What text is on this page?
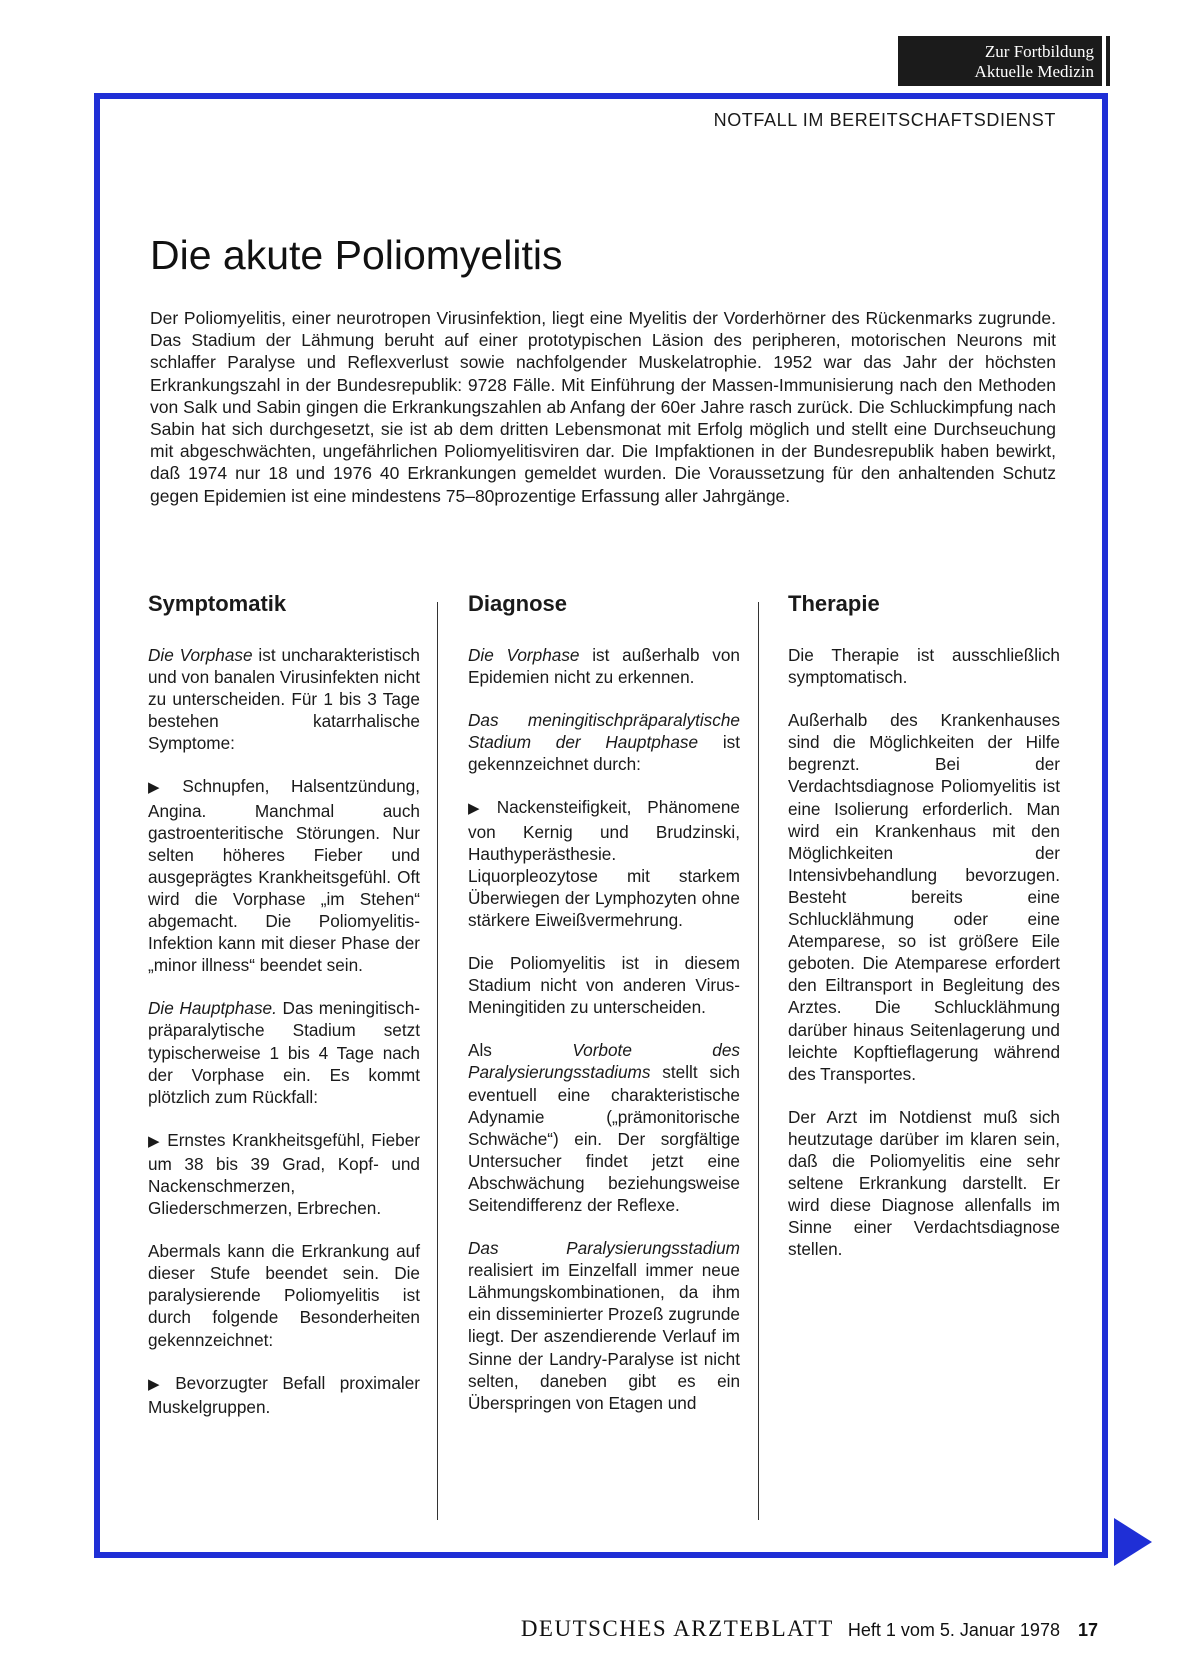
Zur Fortbildung
Aktuelle Medizin
NOTFALL IM BEREITSCHAFTSDIENST
Die akute Poliomyelitis

Der Poliomyelitis, einer neurotropen Virusinfektion, liegt eine Myelitis der Vorderhörner des Rückenmarks zugrunde. Das Stadium der Lähmung beruht auf einer prototypischen Läsion des peripheren, motorischen Neurons mit schlaffer Paralyse und Reflexverlust sowie nachfolgender Muskelatrophie. 1952 war das Jahr der höchsten Erkrankungszahl in der Bundesrepublik: 9728 Fälle. Mit Einführung der Massen-Immunisierung nach den Methoden von Salk und Sabin gingen die Erkrankungszahlen ab Anfang der 60er Jahre rasch zurück. Die Schluckimpfung nach Sabin hat sich durchgesetzt, sie ist ab dem dritten Lebensmonat mit Erfolg möglich und stellt eine Durchseuchung mit abgeschwächten, ungefährlichen Poliomyelitisviren dar. Die Impfaktionen in der Bundesrepublik haben bewirkt, daß 1974 nur 18 und 1976 40 Erkrankungen gemeldet wurden. Die Voraussetzung für den anhaltenden Schutz gegen Epidemien ist eine mindestens 75–80prozentige Erfassung aller Jahrgänge.

Symptomatik

Die Vorphase ist uncharakteristisch und von banalen Virusinfekten nicht zu unterscheiden. Für 1 bis 3 Tage bestehen katarrhalische Symptome:

▶ Schnupfen, Halsentzündung, Angina. Manchmal auch gastroenteritische Störungen. Nur selten höheres Fieber und ausgeprägtes Krankheitsgefühl. Oft wird die Vorphase „im Stehen“ abgemacht. Die Poliomyelitis-Infektion kann mit dieser Phase der „minor illness“ beendet sein.

Die Hauptphase. Das meningitisch-präparalytische Stadium setzt typischerweise 1 bis 4 Tage nach der Vorphase ein. Es kommt plötzlich zum Rückfall:

▶ Ernstes Krankheitsgefühl, Fieber um 38 bis 39 Grad, Kopf- und Nackenschmerzen, Gliederschmerzen, Erbrechen.

Abermals kann die Erkrankung auf dieser Stufe beendet sein. Die paralysierende Poliomyelitis ist durch folgende Besonderheiten gekennzeichnet:

▶ Bevorzugter Befall proximaler Muskelgruppen.

Diagnose

Die Vorphase ist außerhalb von Epidemien nicht zu erkennen.

Das meningitischpräparalytische Stadium der Hauptphase ist gekennzeichnet durch:

▶ Nackensteifigkeit, Phänomene von Kernig und Brudzinski, Hauthyperästhesie. Liquorpleozytose mit starkem Überwiegen der Lymphozyten ohne stärkere Eiweißvermehrung.

Die Poliomyelitis ist in diesem Stadium nicht von anderen Virus-Meningitiden zu unterscheiden.

Als Vorbote des Paralysierungsstadiums stellt sich eventuell eine charakteristische Adynamie („prämonitorische Schwäche“) ein. Der sorgfältige Untersucher findet jetzt eine Abschwächung beziehungsweise Seitendifferenz der Reflexe.

Das Paralysierungsstadium realisiert im Einzelfall immer neue Lähmungskombinationen, da ihm ein disseminierter Prozeß zugrunde liegt. Der aszendierende Verlauf im Sinne der Landry-Paralyse ist nicht selten, daneben gibt es ein Überspringen von Etagen und

Therapie

Die Therapie ist ausschließlich symptomatisch.

Außerhalb des Krankenhauses sind die Möglichkeiten der Hilfe begrenzt. Bei der Verdachtsdiagnose Poliomyelitis ist eine Isolierung erforderlich. Man wird ein Krankenhaus mit den Möglichkeiten der Intensivbehandlung bevorzugen. Besteht bereits eine Schlucklähmung oder eine Atemparese, so ist größere Eile geboten. Die Atemparese erfordert den Eiltransport in Begleitung des Arztes. Die Schlucklähmung darüber hinaus Seitenlagerung und leichte Kopftieflagerung während des Transportes.

Der Arzt im Notdienst muß sich heutzutage darüber im klaren sein, daß die Poliomyelitis eine sehr seltene Erkrankung darstellt. Er wird diese Diagnose allenfalls im Sinne einer Verdachtsdiagnose stellen.

DEUTSCHES ARZTEBLATT Heft 1 vom 5. Januar 1978 17
